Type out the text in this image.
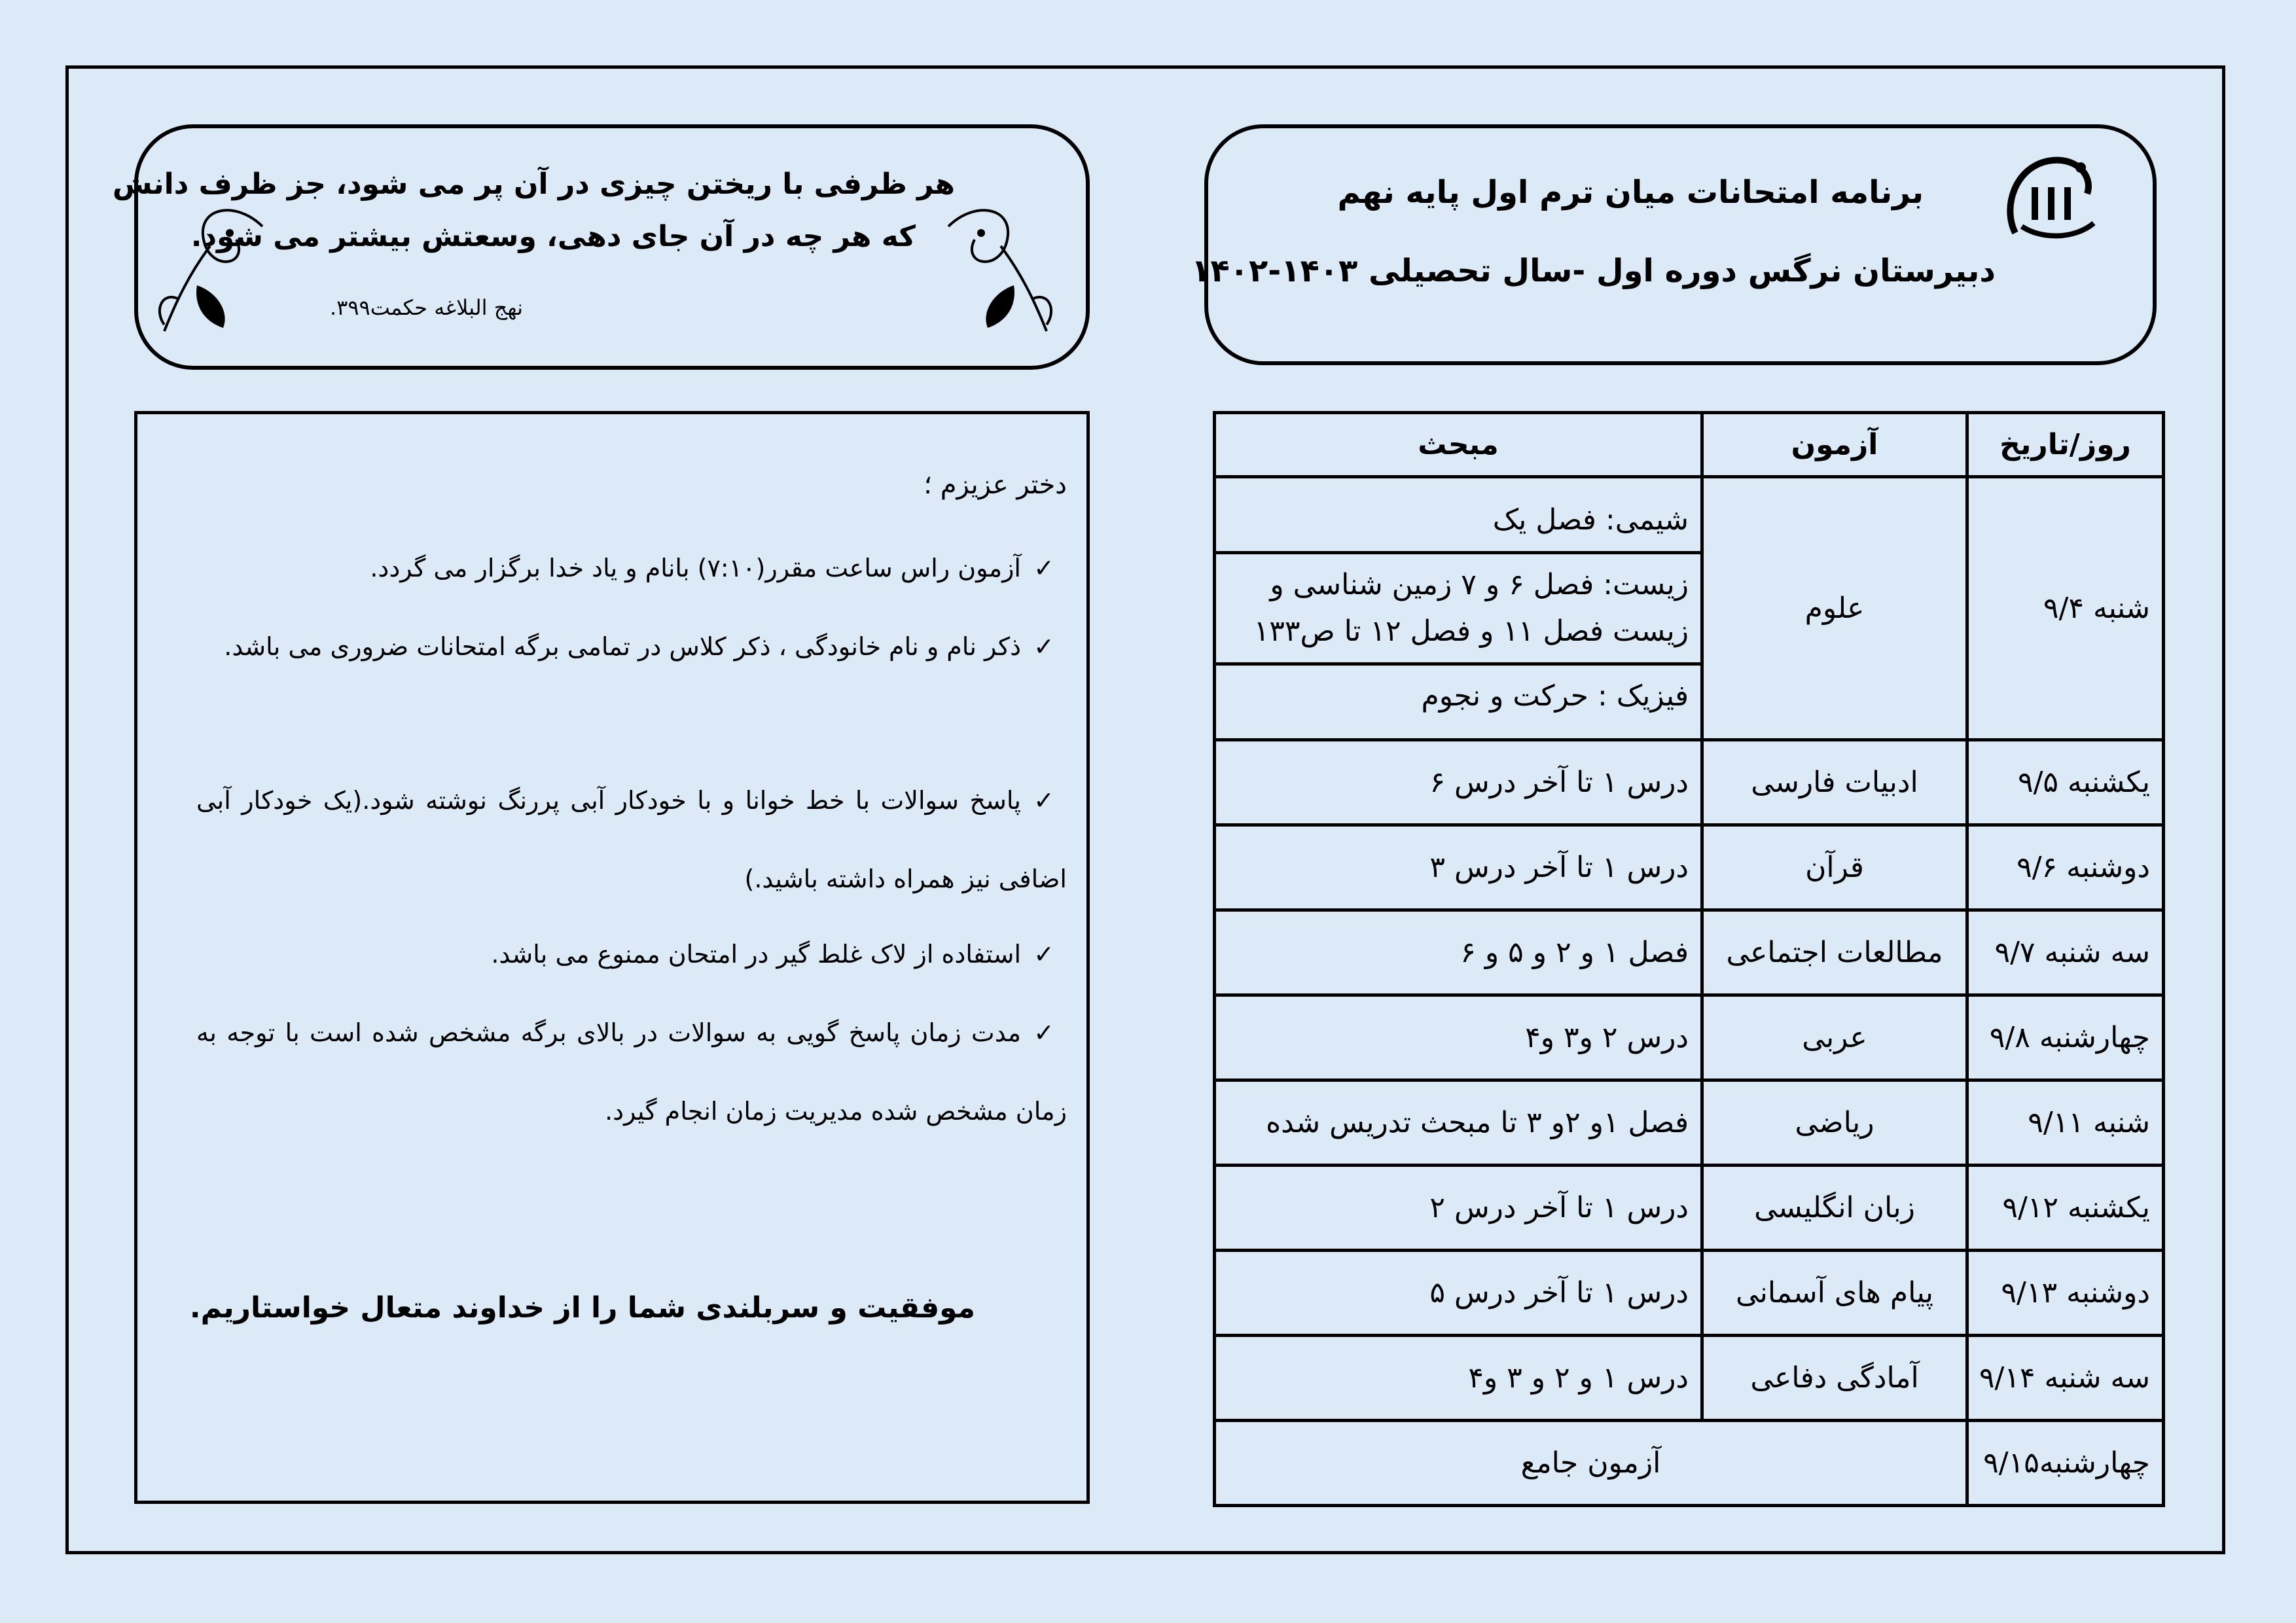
برنامه امتحانات میان ترم اول پایه نهم
دبیرستان نرگس دوره اول -سال تحصیلی ۱۴۰۳-۱۴۰۲
هر ظرفی با ریختن چیزی در آن پر می شود، جز ظرف دانش
که هر چه در آن جای دهی، وسعتش بیشتر می شود.
نهج البلاغه حکمت۳۹۹.
روز/تاریخ	آزمون	مبحث
شنبه ۹/۴	علوم	شیمی: فصل یک
زیست: فصل ۶ و ۷ زمین شناسی و زیست فصل ۱۱ و فصل ۱۲ تا ص۱۳۳
فیزیک : حرکت و نجوم

یکشنبه ۹/۵	ادبیات فارسی	درس ۱ تا آخر درس ۶
دوشنبه ۹/۶	قرآن	درس ۱ تا آخر درس ۳
سه شنبه ۹/۷	مطالعات اجتماعی	فصل ۱ و ۲ و ۵ و ۶
چهارشنبه ۹/۸	عربی	درس ۲ و۳ و۴
شنبه ۹/۱۱	ریاضی	فصل ۱و ۲و ۳ تا مبحث تدریس شده
یکشنبه ۹/۱۲	زبان انگلیسی	درس ۱ تا آخر درس ۲
دوشنبه ۹/۱۳	پیام های آسمانی	درس ۱ تا آخر درس ۵
سه شنبه ۹/۱۴	آمادگی دفاعی	درس ۱ و ۲ و ۳ و۴
چهارشنبه۹/۱۵	آزمون جامع	
دختر عزیزم ؛
✓آزمون راس ساعت مقرر(۷:۱۰) بانام و یاد خدا برگزار می گردد.
✓ذکر نام و نام خانودگی ، ذکر کلاس در تمامی برگه امتحانات ضروری می باشد.
✓پاسخ سوالات با خط خوانا و با خودکار آبی پررنگ نوشته شود.(یک خودکار آبی اضافی نیز همراه داشته باشید.)
✓استفاده از لاک غلط گیر در امتحان ممنوع می باشد.
✓مدت زمان پاسخ گویی به سوالات در بالای برگه مشخص شده است با توجه به زمان مشخص شده مدیریت زمان انجام گیرد.
موفقیت و سربلندی شما را از خداوند متعال خواستاریم.
